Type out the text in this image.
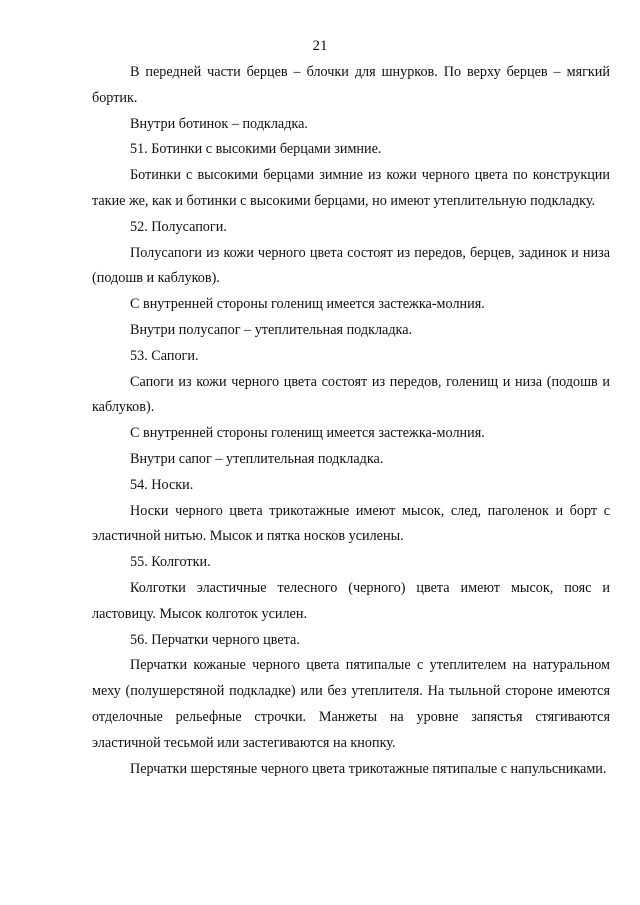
21

В передней части берцев – блочки для шнурков. По верху берцев – мягкий бортик.

Внутри ботинок – подкладка.

51. Ботинки с высокими берцами зимние.

Ботинки с высокими берцами зимние из кожи черного цвета по конструкции такие же, как и ботинки с высокими берцами, но имеют утеплительную подкладку.

52. Полусапоги.

Полусапоги из кожи черного цвета состоят из передов, берцев, задинок и низа (подошв и каблуков).

С внутренней стороны голенищ имеется застежка-молния.

Внутри полусапог – утеплительная подкладка.

53. Сапоги.

Сапоги из кожи черного цвета состоят из передов, голенищ и низа (подошв и каблуков).

С внутренней стороны голенищ имеется застежка-молния.

Внутри сапог – утеплительная подкладка.

54. Носки.

Носки черного цвета трикотажные имеют мысок, след, паголенок и борт с эластичной нитью. Мысок и пятка носков усилены.

55. Колготки.

Колготки эластичные телесного (черного) цвета имеют мысок, пояс и ластовицу. Мысок колготок усилен.

56. Перчатки черного цвета.

Перчатки кожаные черного цвета пятипалые с утеплителем на натуральном меху (полушерстяной подкладке) или без утеплителя. На тыльной стороне имеются отделочные рельефные строчки. Манжеты на уровне запястья стягиваются эластичной тесьмой или застегиваются на кнопку.

Перчатки шерстяные черного цвета трикотажные пятипалые с напульсниками.
